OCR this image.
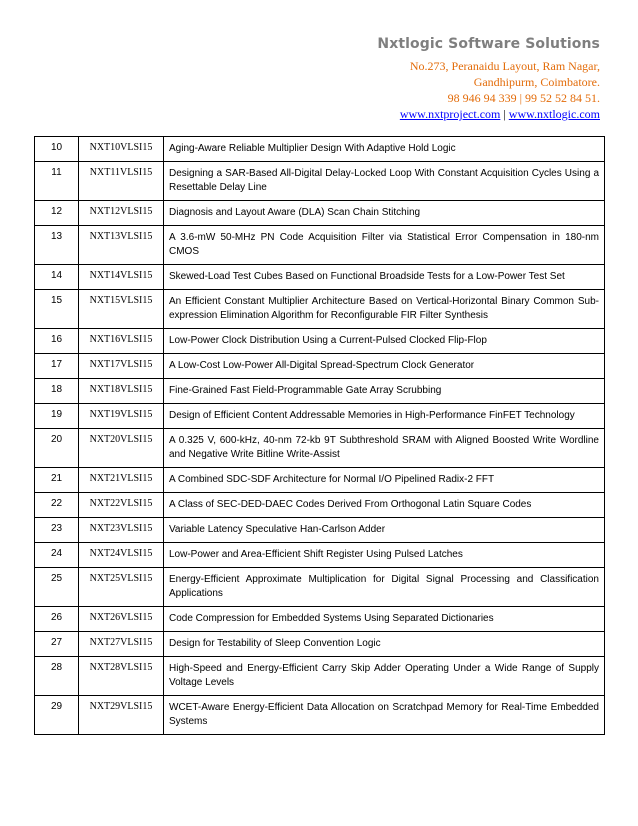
Nxtlogic Software Solutions
No.273, Peranaidu Layout, Ram Nagar,
Gandhipurm, Coimbatore.
98 946 94 339 | 99 52 52 84 51.
www.nxtproject.com | www.nxtlogic.com
10	NXT10VLSI15	Aging-Aware Reliable Multiplier Design With Adaptive Hold Logic
11	NXT11VLSI15	Designing a SAR-Based All-Digital Delay-Locked Loop With Constant Acquisition Cycles Using a Resettable Delay Line
12	NXT12VLSI15	Diagnosis and Layout Aware (DLA) Scan Chain Stitching
13	NXT13VLSI15	A 3.6-mW 50-MHz PN Code Acquisition Filter via Statistical Error Compensation in 180-nm CMOS
14	NXT14VLSI15	Skewed-Load Test Cubes Based on Functional Broadside Tests for a Low-Power Test Set
15	NXT15VLSI15	An Efficient Constant Multiplier Architecture Based on Vertical-Horizontal Binary Common Sub-expression Elimination Algorithm for Reconfigurable FIR Filter Synthesis
16	NXT16VLSI15	Low-Power Clock Distribution Using a Current-Pulsed Clocked Flip-Flop
17	NXT17VLSI15	A Low-Cost Low-Power All-Digital Spread-Spectrum Clock Generator
18	NXT18VLSI15	Fine-Grained Fast Field-Programmable Gate Array Scrubbing
19	NXT19VLSI15	Design of Efficient Content Addressable Memories in High-Performance FinFET Technology
20	NXT20VLSI15	A 0.325 V, 600-kHz, 40-nm 72-kb 9T Subthreshold SRAM with Aligned Boosted Write Wordline and Negative Write Bitline Write-Assist
21	NXT21VLSI15	A Combined SDC-SDF Architecture for Normal I/O Pipelined Radix-2 FFT
22	NXT22VLSI15	A Class of SEC-DED-DAEC Codes Derived From Orthogonal Latin Square Codes
23	NXT23VLSI15	Variable Latency Speculative Han-Carlson Adder
24	NXT24VLSI15	Low-Power and Area-Efficient Shift Register Using Pulsed Latches
25	NXT25VLSI15	Energy-Efficient Approximate Multiplication for Digital Signal Processing and Classification Applications
26	NXT26VLSI15	Code Compression for Embedded Systems Using Separated Dictionaries
27	NXT27VLSI15	Design for Testability of Sleep Convention Logic
28	NXT28VLSI15	High-Speed and Energy-Efficient Carry Skip Adder Operating Under a Wide Range of Supply Voltage Levels
29	NXT29VLSI15	WCET-Aware Energy-Efficient Data Allocation on Scratchpad Memory for Real-Time Embedded Systems
